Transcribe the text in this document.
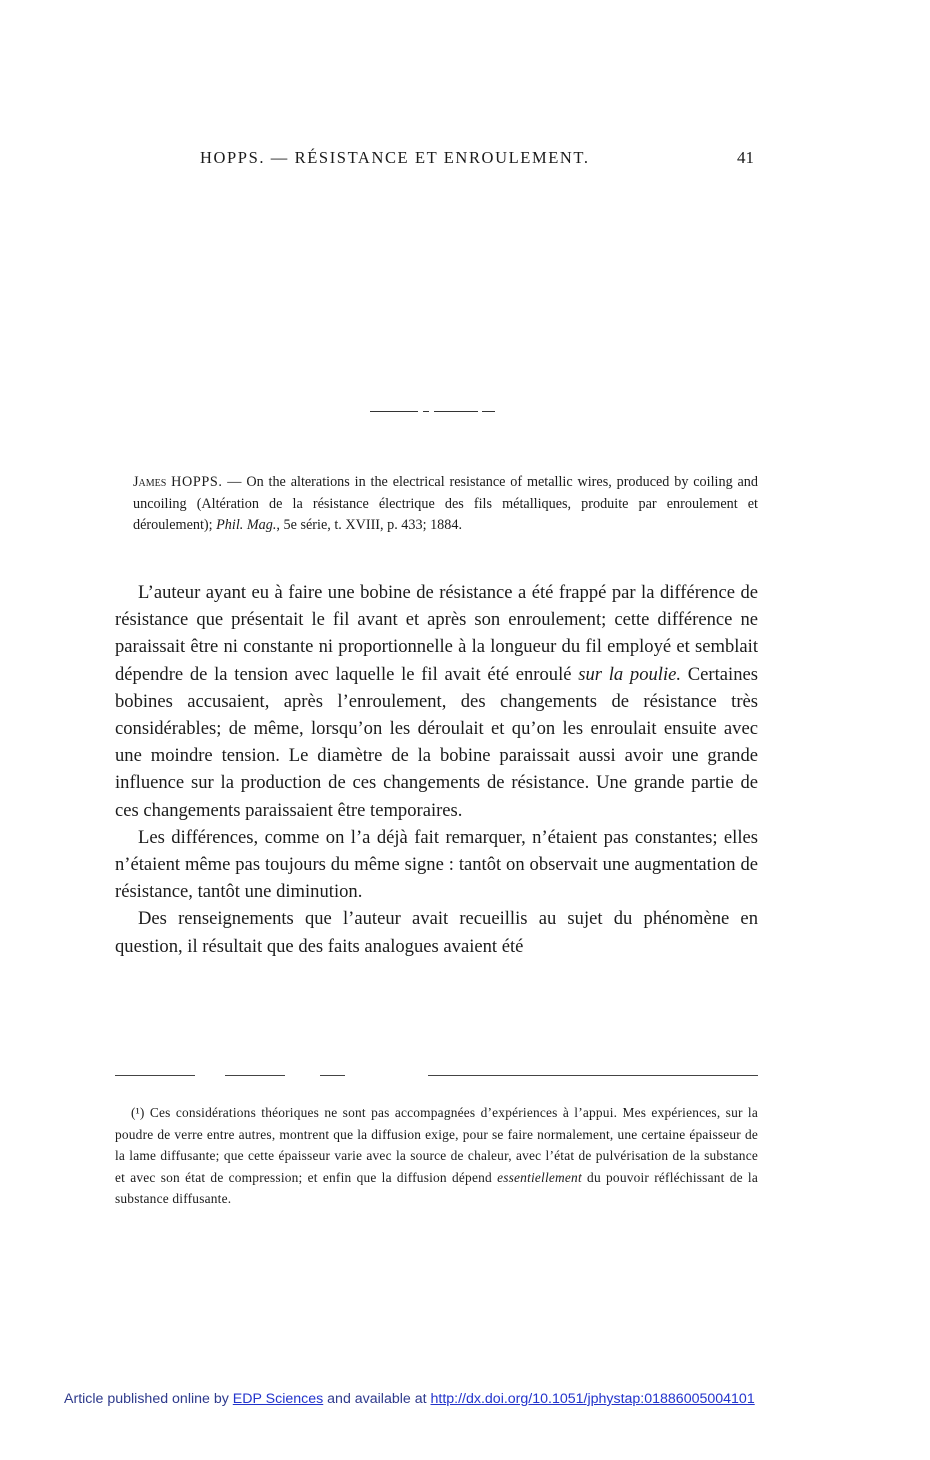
HOPPS. — RÉSISTANCE ET ENROULEMENT.	41
James HOPPS. — On the alterations in the electrical resistance of metallic wires, produced by coiling and uncoiling (Altération de la résistance électrique des fils métalliques, produite par enroulement et déroulement); Phil. Mag., 5e série, t. XVIII, p. 433; 1884.

L’auteur ayant eu à faire une bobine de résistance a été frappé par la différence de résistance que présentait le fil avant et après son enroulement; cette différence ne paraissait être ni constante ni proportionnelle à la longueur du fil employé et semblait dépendre de la tension avec laquelle le fil avait été enroulé sur la poulie. Certaines bobines accusaient, après l’enroulement, des changements de résistance très considérables; de même, lorsqu’on les déroulait et qu’on les enroulait ensuite avec une moindre tension. Le diamètre de la bobine paraissait aussi avoir une grande influence sur la production de ces changements de résistance. Une grande partie de ces changements paraissaient être temporaires.

Les différences, comme on l’a déjà fait remarquer, n’étaient pas constantes; elles n’étaient même pas toujours du même signe : tantôt on observait une augmentation de résistance, tantôt une diminution.

Des renseignements que l’auteur avait recueillis au sujet du phénomène en question, il résultait que des faits analogues avaient été

(¹) Ces considérations théoriques ne sont pas accompagnées d’expériences à l’appui. Mes expériences, sur la poudre de verre entre autres, montrent que la diffusion exige, pour se faire normalement, une certaine épaisseur de la lame diffusante; que cette épaisseur varie avec la source de chaleur, avec l’état de pulvérisation de la substance et avec son état de compression; et enfin que la diffusion dépend essentiellement du pouvoir réfléchissant de la substance diffusante.

Article published online by EDP Sciences and available at http://dx.doi.org/10.1051/jphystap:01886005004101
